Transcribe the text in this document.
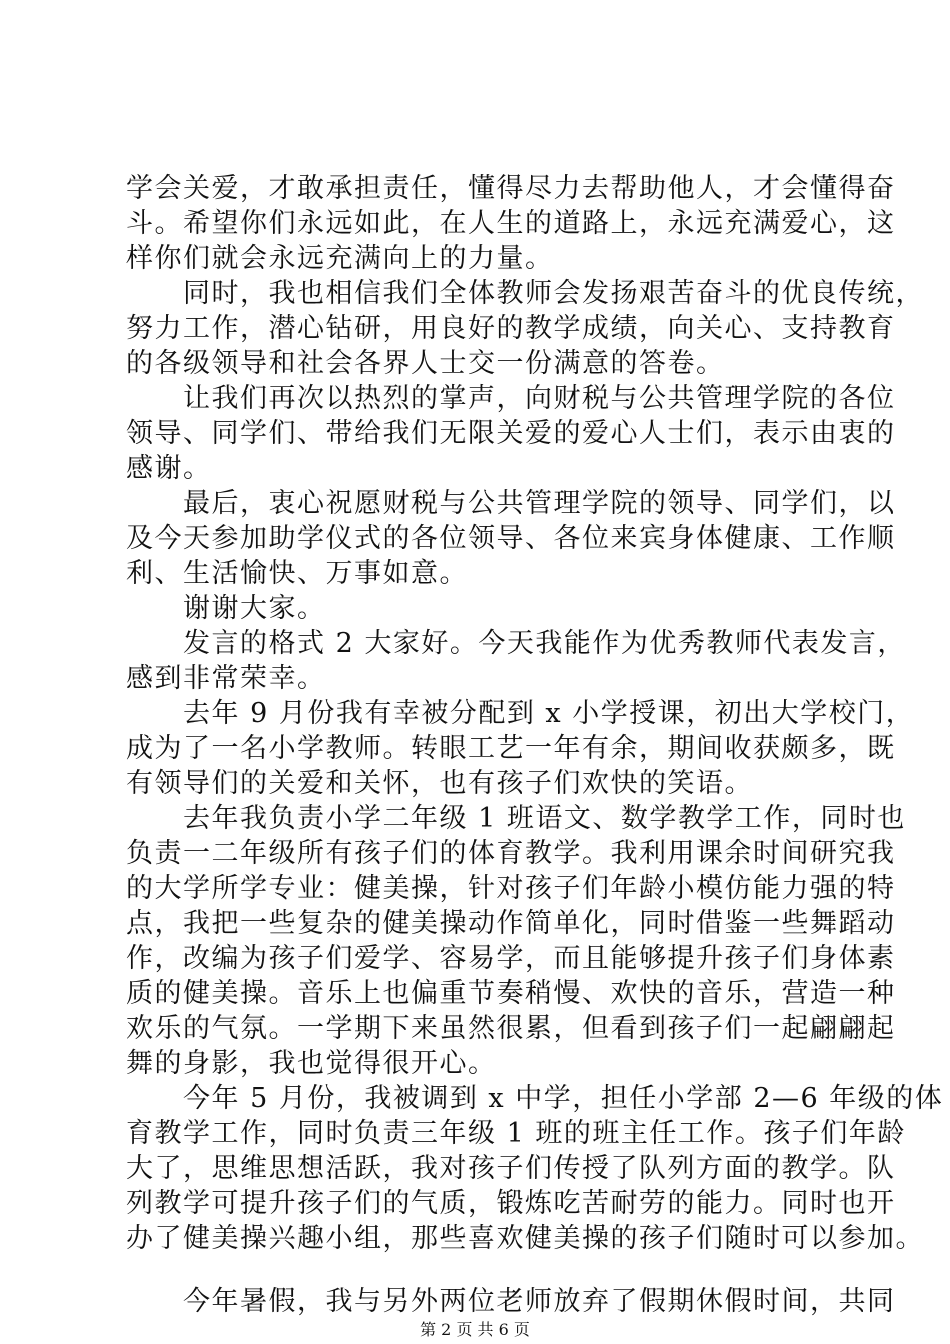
学会关爱，才敢承担责任，懂得尽力去帮助他人，才会懂得奋
斗。希望你们永远如此，在人生的道路上，永远充满爱心，这
样你们就会永远充满向上的力量。
　　同时，我也相信我们全体教师会发扬艰苦奋斗的优良传统，
努力工作，潜心钻研，用良好的教学成绩，向关心、支持教育
的各级领导和社会各界人士交一份满意的答卷。
　　让我们再次以热烈的掌声，向财税与公共管理学院的各位
领导、同学们、带给我们无限关爱的爱心人士们，表示由衷的
感谢。
　　最后，衷心祝愿财税与公共管理学院的领导、同学们，以
及今天参加助学仪式的各位领导、各位来宾身体健康、工作顺
利、生活愉快、万事如意。
　　谢谢大家。
　　发言的格式 2 大家好。今天我能作为优秀教师代表发言，
感到非常荣幸。
　　去年 9 月份我有幸被分配到 x 小学授课，初出大学校门，
成为了一名小学教师。转眼工艺一年有余，期间收获颇多，既
有领导们的关爱和关怀，也有孩子们欢快的笑语。
　　去年我负责小学二年级 1 班语文、数学教学工作，同时也
负责一二年级所有孩子们的体育教学。我利用课余时间研究我
的大学所学专业：健美操，针对孩子们年龄小模仿能力强的特
点，我把一些复杂的健美操动作简单化，同时借鉴一些舞蹈动
作，改编为孩子们爱学、容易学，而且能够提升孩子们身体素
质的健美操。音乐上也偏重节奏稍慢、欢快的音乐，营造一种
欢乐的气氛。一学期下来虽然很累，但看到孩子们一起翩翩起
舞的身影，我也觉得很开心。
　　今年 5 月份，我被调到 x 中学，担任小学部 2—6 年级的体
育教学工作，同时负责三年级 1 班的班主任工作。孩子们年龄
大了，思维思想活跃，我对孩子们传授了队列方面的教学。队
列教学可提升孩子们的气质，锻炼吃苦耐劳的能力。同时也开
办了健美操兴趣小组，那些喜欢健美操的孩子们随时可以参加。
　　今年暑假，我与另外两位老师放弃了假期休假时间，共同
第 2 页 共 6 页
